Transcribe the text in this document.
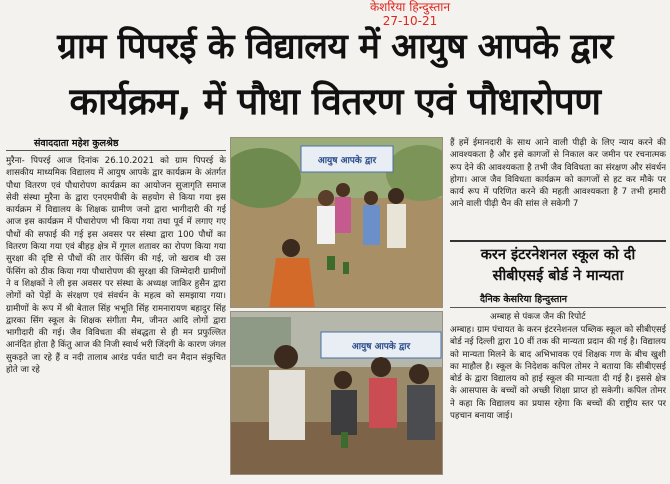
केशरिया हिन्दुस्तान
27-10-21
ग्राम पिपरई के विद्यालय में आयुष आपके द्वार
कार्यक्रम, में पौधा वितरण एवं पौधारोपण
संवाददाता महेश कुलश्रेष्ठ
मुरैना- पिपरई आज दिनांक 26.10.2021 को ग्राम पिपरई के शासकीय माध्यमिक विद्यालय में आयुष आपके द्वार कार्यक्रम के अंतर्गत पौधा वितरण एवं पौधारोपण कार्यक्रम का आयोजन सुजागृति समाज सेवी संस्था मुरैना के द्वारा एनएमपीबी के सहयोग से किया गया इस कार्यक्रम में विद्यालय के शिक्षक ग्रामीण जनो द्वारा भागीदारी की गई आज इस कार्यक्रम में पौधारोपण भी किया गया तथा पूर्व में लगाए गए पौधों की सफाई की गई इस अवसर पर संस्था द्वारा 100 पौधों का वितरण किया गया एवं बीहड़ क्षेत्र में गूगल शतावर का रोपण किया गया सुरक्षा की दृष्टि से पौधों की तार फेंसिंग की गई, जो खराब थी उस फेंसिंग को ठीक किया गया पौधारोपण की सुरक्षा की जिम्मेदारी ग्रामीणों ने व शिक्षकों ने ली इस अवसर पर संस्था के अध्यक्ष जाकिर हुसैन द्वारा लोगों को पेड़ों के संरक्षण एवं संवर्धन के महत्व को समझाया गया। ग्रामीणों के रूप में श्री बेताल सिंह भभूति सिंह रामनारायण बहादुर सिंह द्वारका सिंग स्कूल के शिक्षक संगीता मैम, जीनत आदि लोगों द्वारा भागीदारी की गई। जैव विविधता की संबद्धता से ही मन प्रफुल्लित आनंदित होता है किंतु आज की निजी स्वार्थ भरी जिंदगी के कारण जंगल सुकड़ते जा रहे हैं व नदी तालाब आरंड पर्वत घाटी वन मैदान संकुचित होते जा रहे
आयुष आपके द्वार
आयुष आपके द्वार
हैं हमें ईमानदारी के साथ आने वाली पीढ़ी के लिए न्याय करने की आवश्यकता है और इसे कागजों से निकाल कर जमीन पर रचनात्मक रूप देने की आवश्यकता है तभी जैव विविधता का संरक्षण और संवर्धन होगा। आज जैव विविधता कार्यक्रम को कागजों से हट कर मौके पर कार्य रूप में परिणित करने की महती आवश्यकता है 7 तभी हमारी आने वाली पीढ़ी चैन की सांस ले सकेगी 7
करन इंटरनेशनल स्कूल को दी
सीबीएसई बोर्ड ने मान्यता
दैनिक केसरिया हिन्दुस्तान
अम्बाह से पंकज जैन की रिपोर्ट
अम्बाह। ग्राम पंचायत के करन इंटरनेशनल पब्लिक स्कूल को सीबीएसई बोर्ड नई दिल्ली द्वारा 10 वीं तक की मान्यता प्रदान की गई है। विद्यालय को मान्यता मिलने के बाद अभिभावक एवं शिक्षक गण के बीच खुशी का माहौल है। स्कूल के निदेशक कपिल तोमर ने बताया कि सीबीएसई बोर्ड के द्वारा विद्यालय को हाई स्कूल की मान्यता दी गई है। इससे क्षेत्र के आसपास के बच्चों को अच्छी शिक्षा प्राप्त हो सकेगी। कपिल तोमर ने कहा कि विद्यालय का प्रयास रहेगा कि बच्चों की राष्ट्रीय स्तर पर पहचान बनाया जाई।
